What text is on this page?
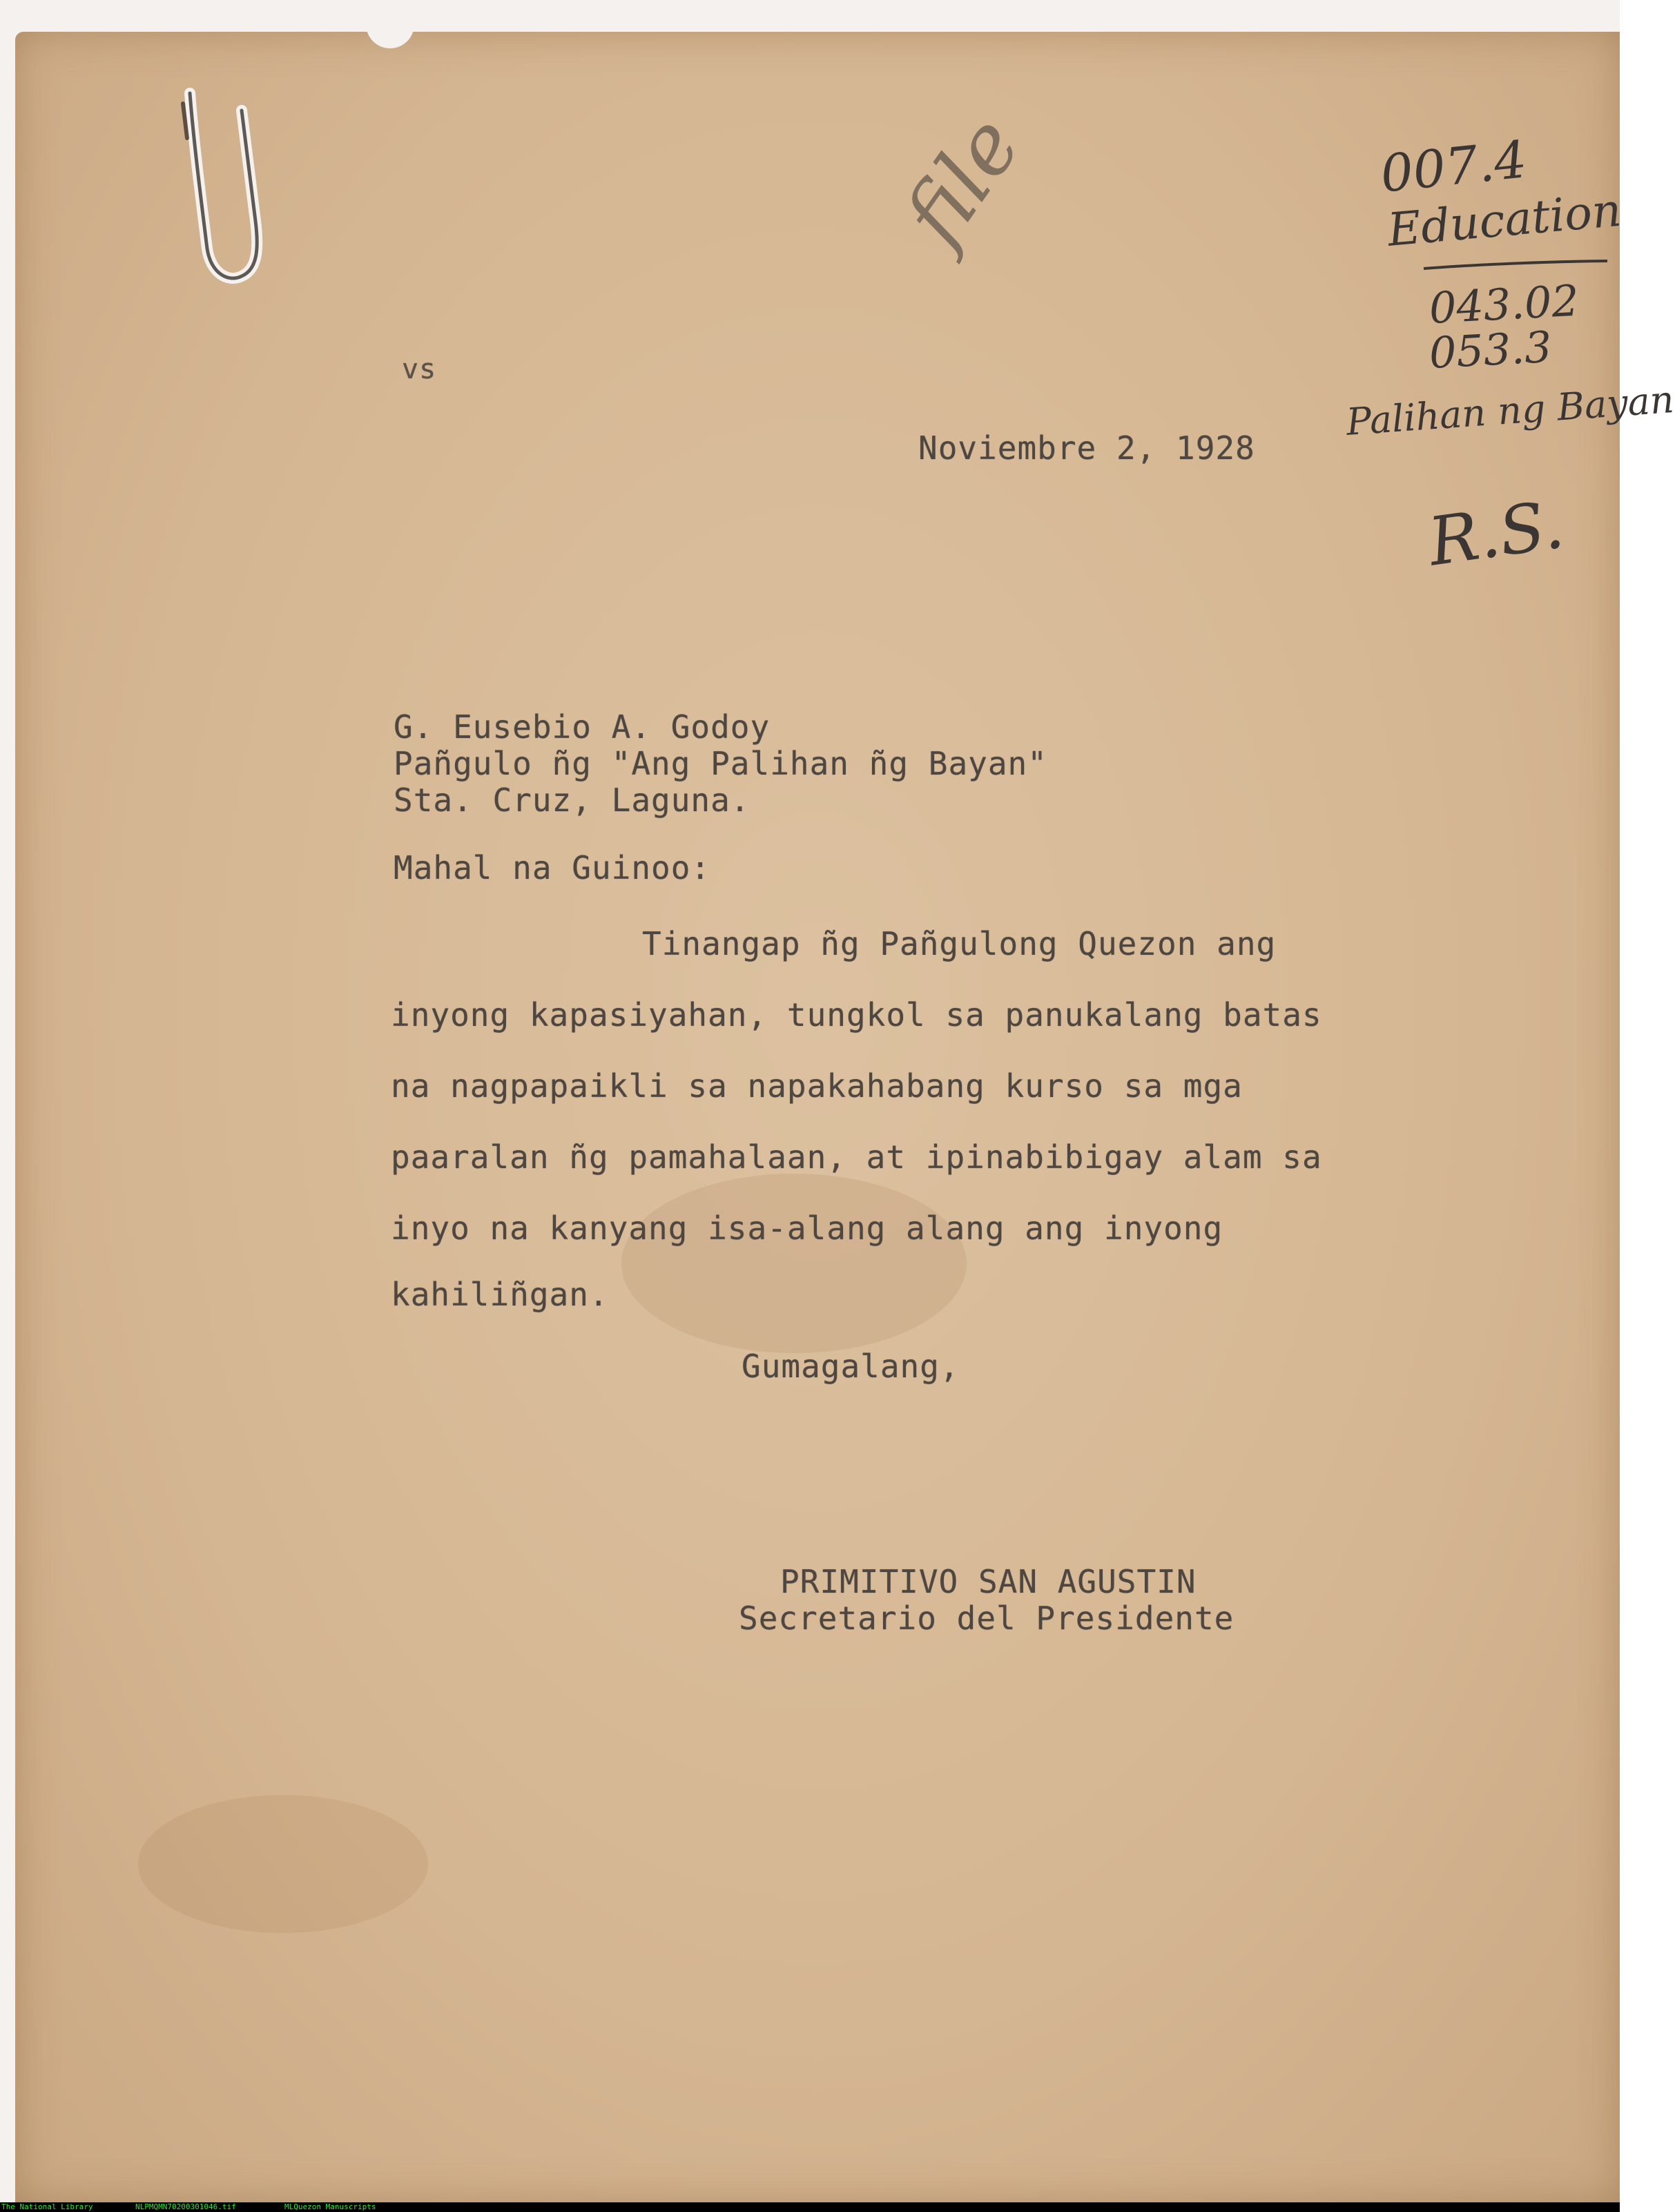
vs
Noviembre 2, 1928
G. Eusebio A. Godoy
Pañgulo ñg "Ang Palihan ñg Bayan"
Sta. Cruz, Laguna.
Mahal na Guinoo:
Tinangap ñg Pañgulong Quezon ang
inyong kapasiyahan, tungkol sa panukalang batas
na nagpapaikli sa napakahabang kurso sa mga
paaralan ñg pamahalaan, at ipinabibigay alam sa
inyo na kanyang isa-alang alang ang inyong
kahiliñgan.
Gumagalang,
PRIMITIVO SAN AGUSTIN
Secretario del Presidente
file	007.4
Education
043.02
053.3
Palihan ng Bayan
R.S.
The National Library	NLPMQMN70200301046.tif	MLQuezon Manuscripts
